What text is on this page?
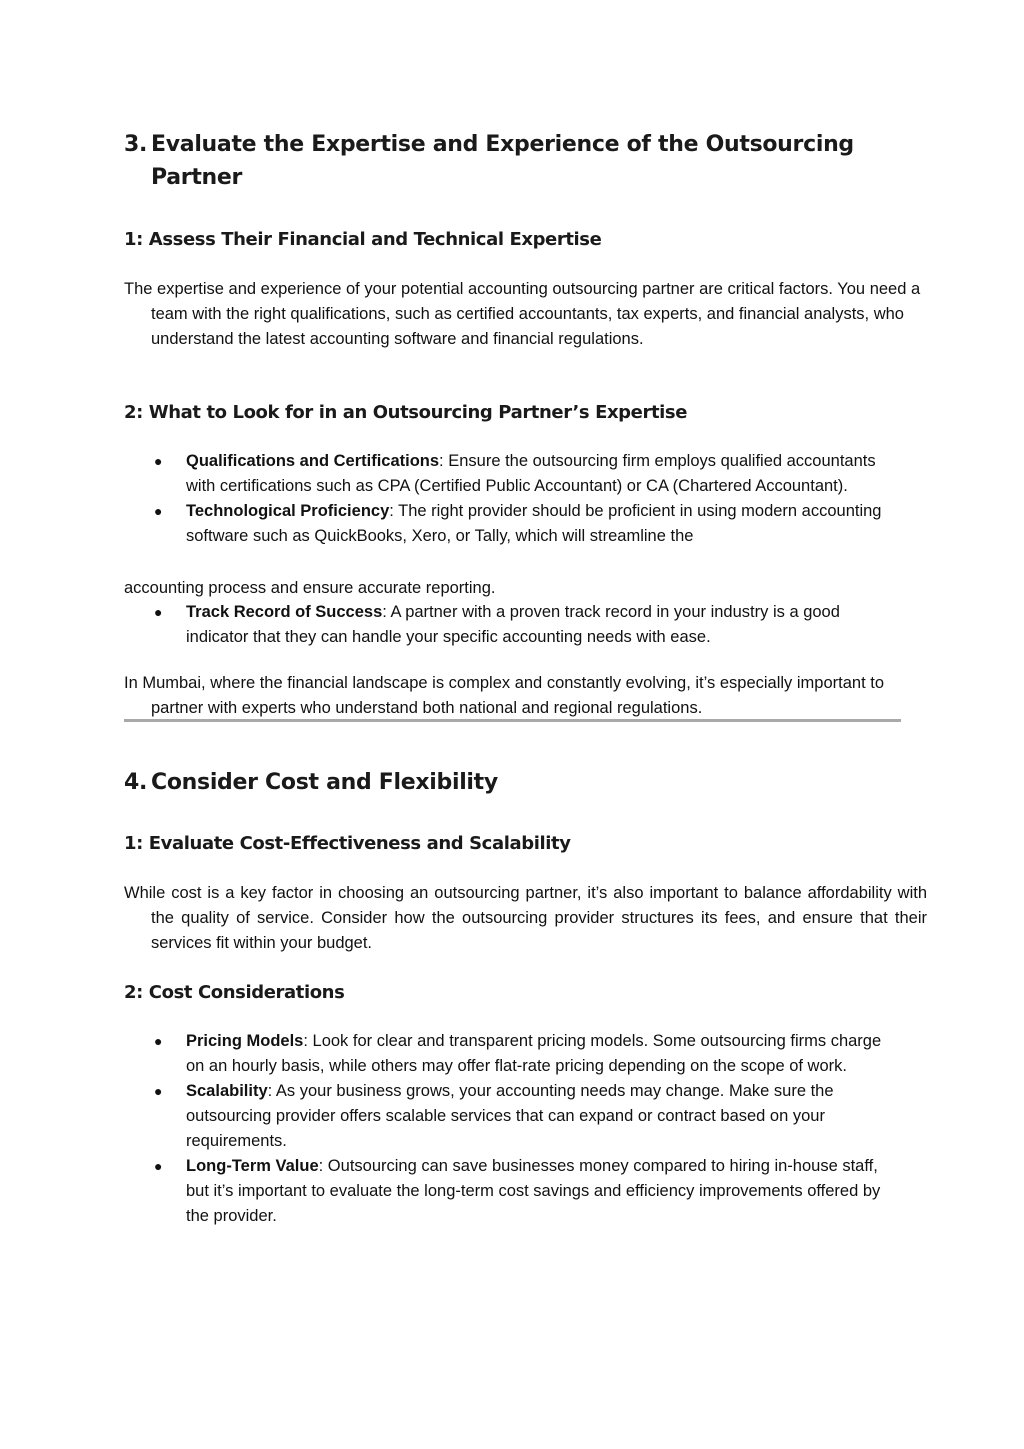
3. Evaluate the Expertise and Experience of the Outsourcing
Partner
1: Assess Their Financial and Technical Expertise

The expertise and experience of your potential accounting outsourcing partner are critical factors. You need a team with the right qualifications, such as certified accountants, tax experts, and financial analysts, who understand the latest accounting software and financial regulations.

2: What to Look for in an Outsourcing Partner’s Expertise
● Qualifications and Certifications: Ensure the outsourcing firm employs qualified accountants with certifications such as CPA (Certified Public Accountant) or CA (Chartered Accountant).
● Technological Proficiency: The right provider should be proficient in using modern accounting software such as QuickBooks, Xero, or Tally, which will streamline the

accounting process and ensure accurate reporting.

● Track Record of Success: A partner with a proven track record in your industry is a good indicator that they can handle your specific accounting needs with ease.

In Mumbai, where the financial landscape is complex and constantly evolving, it’s especially important to partner with experts who understand both national and regional regulations.

4. Consider Cost and Flexibility
1: Evaluate Cost-Effectiveness and Scalability

While cost is a key factor in choosing an outsourcing partner, it’s also important to balance affordability with the quality of service. Consider how the outsourcing provider structures its fees, and ensure that their services fit within your budget.

2: Cost Considerations
● Pricing Models: Look for clear and transparent pricing models. Some outsourcing firms charge on an hourly basis, while others may offer flat-rate pricing depending on the scope of work.
● Scalability: As your business grows, your accounting needs may change. Make sure the outsourcing provider offers scalable services that can expand or contract based on your requirements.
● Long-Term Value: Outsourcing can save businesses money compared to hiring in-house staff, but it’s important to evaluate the long-term cost savings and efficiency improvements offered by the provider.
